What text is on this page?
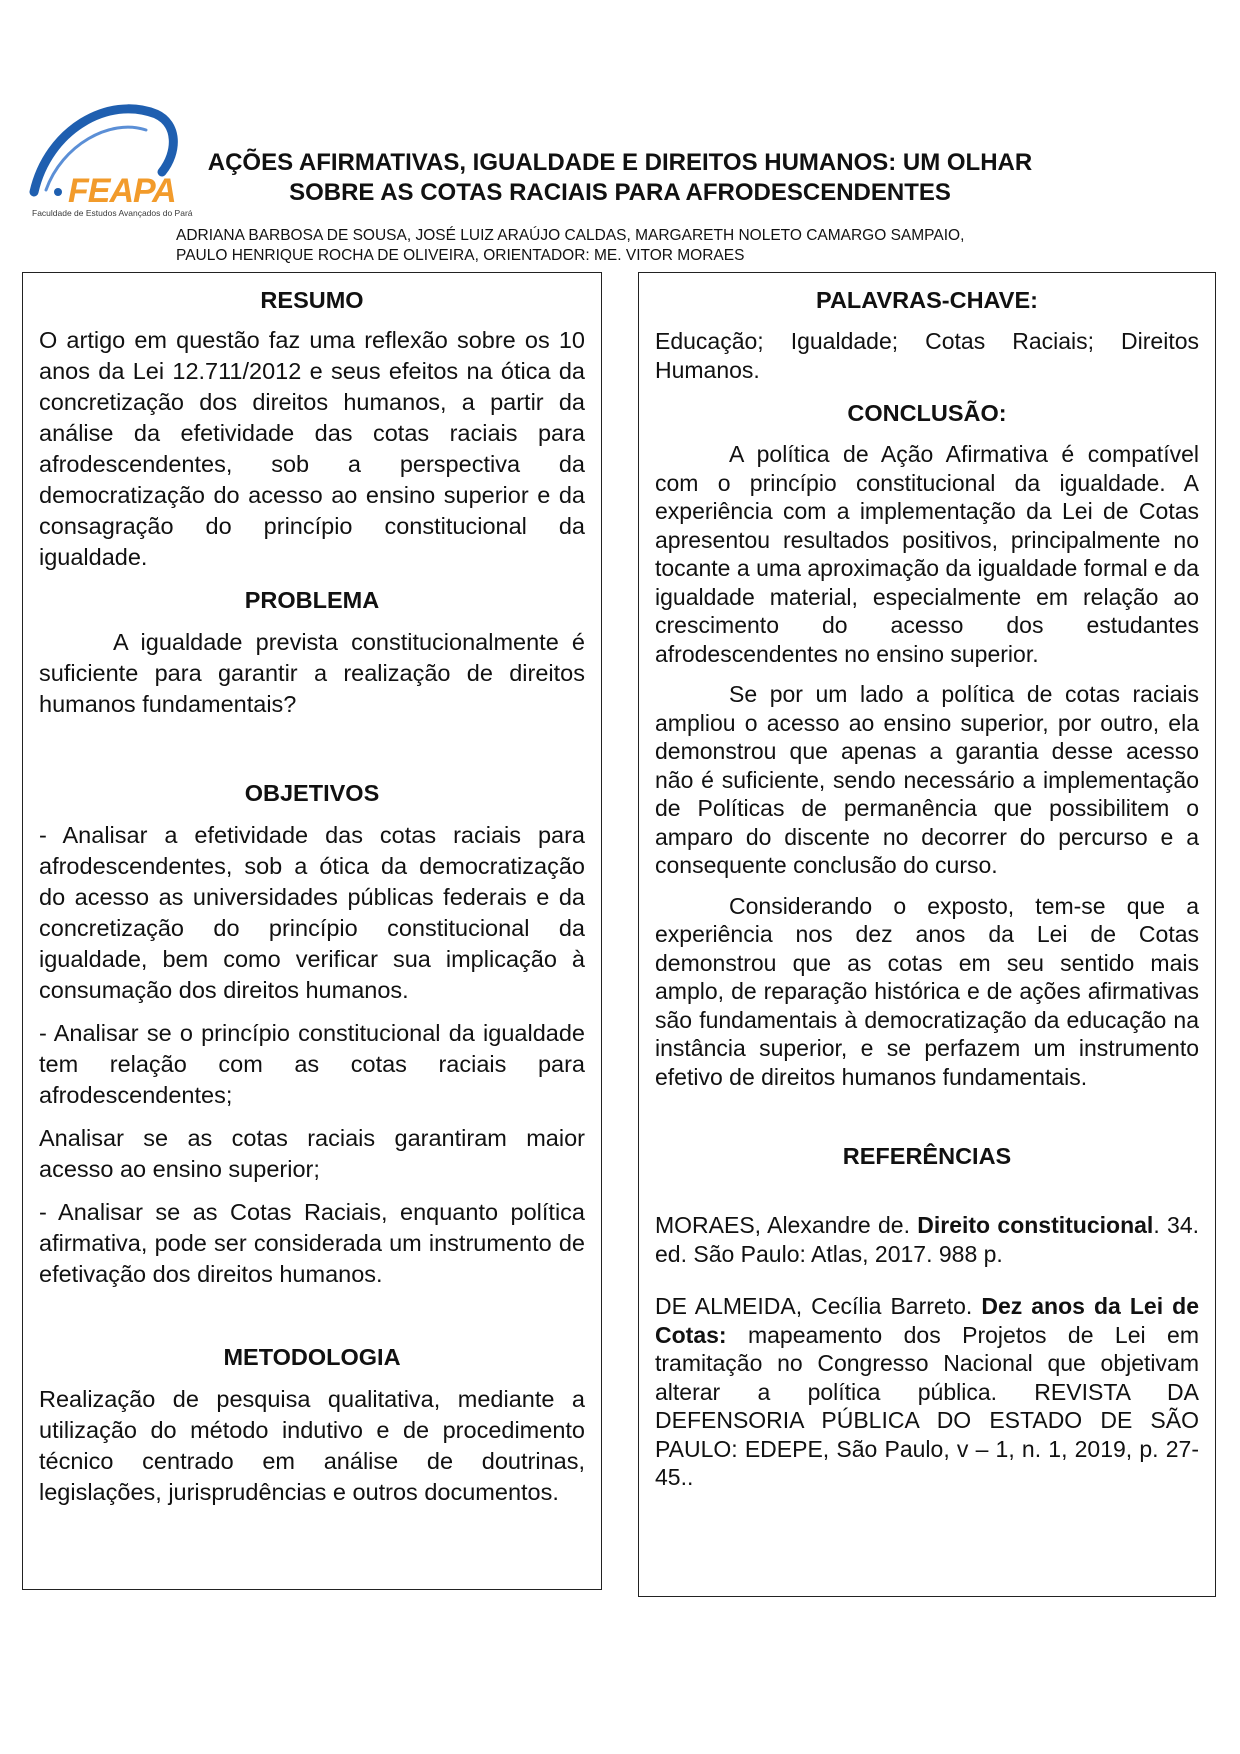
FEAPA
Faculdade de Estudos Avançados do Pará
AÇÕES AFIRMATIVAS, IGUALDADE E DIREITOS HUMANOS: UM OLHAR
SOBRE AS COTAS RACIAIS PARA AFRODESCENDENTES

ADRIANA BARBOSA DE SOUSA, JOSÉ LUIZ ARAÚJO CALDAS, MARGARETH NOLETO CAMARGO SAMPAIO,
PAULO HENRIQUE ROCHA DE OLIVEIRA, ORIENTADOR: ME. VITOR MORAES

RESUMO

O artigo em questão faz uma reflexão sobre os 10 anos da Lei 12.711/2012 e seus efeitos na ótica da concretização dos direitos humanos, a partir da análise da efetividade das cotas raciais para afrodescendentes, sob a perspectiva da democratização do acesso ao ensino superior e da consagração do princípio constitucional da igualdade.

PROBLEMA

A igualdade prevista constitucionalmente é suficiente para garantir a realização de direitos humanos fundamentais?

OBJETIVOS

- Analisar a efetividade das cotas raciais para afrodescendentes, sob a ótica da democratização do acesso as universidades públicas federais e da concretização do princípio constitucional da igualdade, bem como verificar sua implicação à consumação dos direitos humanos.

- Analisar se o princípio constitucional da igualdade tem relação com as cotas raciais para afrodescendentes;

Analisar se as cotas raciais garantiram maior acesso ao ensino superior;

- Analisar se as Cotas Raciais, enquanto política afirmativa, pode ser considerada um instrumento de efetivação dos direitos humanos.

METODOLOGIA

Realização de pesquisa qualitativa, mediante a utilização do método indutivo e de procedimento técnico centrado em análise de doutrinas, legislações, jurisprudências e outros documentos.

PALAVRAS-CHAVE:

Educação; Igualdade; Cotas Raciais; Direitos Humanos.

CONCLUSÃO:

A política de Ação Afirmativa é compatível com o princípio constitucional da igualdade. A experiência com a implementação da Lei de Cotas apresentou resultados positivos, principalmente no tocante a uma aproximação da igualdade formal e da igualdade material, especialmente em relação ao crescimento do acesso dos estudantes afrodescendentes no ensino superior.

Se por um lado a política de cotas raciais ampliou o acesso ao ensino superior, por outro, ela demonstrou que apenas a garantia desse acesso não é suficiente, sendo necessário a implementação de Políticas de permanência que possibilitem o amparo do discente no decorrer do percurso e a consequente conclusão do curso.

Considerando o exposto, tem-se que a experiência nos dez anos da Lei de Cotas demonstrou que as cotas em seu sentido mais amplo, de reparação histórica e de ações afirmativas são fundamentais à democratização da educação na instância superior, e se perfazem um instrumento efetivo de direitos humanos fundamentais.

REFERÊNCIAS

MORAES, Alexandre de. Direito constitucional. 34. ed. São Paulo: Atlas, 2017. 988 p.

DE ALMEIDA, Cecília Barreto. Dez anos da Lei de Cotas: mapeamento dos Projetos de Lei em tramitação no Congresso Nacional que objetivam alterar a política pública. REVISTA DA DEFENSORIA PÚBLICA DO ESTADO DE SÃO PAULO: EDEPE, São Paulo, v – 1, n. 1, 2019, p. 27-45..
